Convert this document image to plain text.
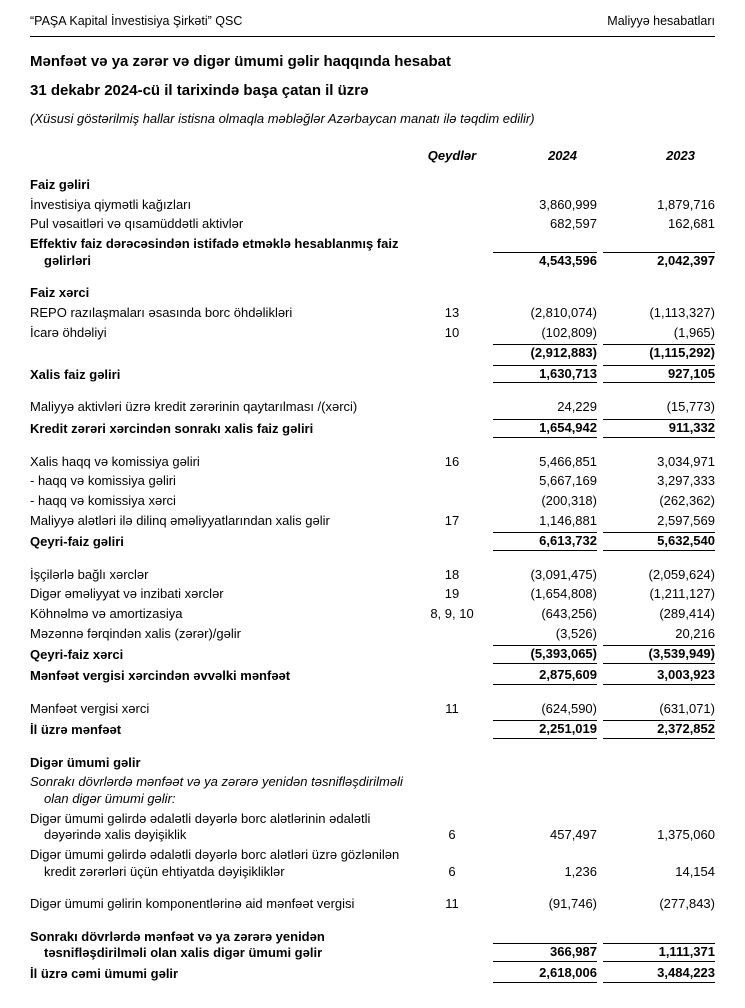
“PAŞA Kapital İnvestisiya Şirkəti” QSC	Maliyyə hesabatları
Mənfəət və ya zərər və digər ümumi gəlir haqqında hesabat
31 dekabr 2024-cü il tarixində başa çatan il üzrə
(Xüsusi göstərilmiş hallar istisna olmaqla məbləğlər Azərbaycan manatı ilə təqdim edilir)
Qeydlər	2024	2023
Faiz gəliri
İnvestisiya qiymətli kağızları	3,860,999	1,879,716
Pul vəsaitləri və qısamüddətli aktivlər	682,597	162,681
Effektiv faiz dərəcəsindən istifadə etməklə hesablanmış faiz gəlirləri	4,543,596	2,042,397
Faiz xərci
REPO razılaşmaları əsasında borc öhdəlikləri	13	(2,810,074)	(1,113,327)
İcarə öhdəliyi	10	(102,809)	(1,965)
(2,912,883)	(1,115,292)
Xalis faiz gəliri	1,630,713	927,105
Maliyyə aktivləri üzrə kredit zərərinin qaytarılması /(xərci)	24,229	(15,773)
Kredit zərəri xərcindən sonrakı xalis faiz gəliri	1,654,942	911,332
Xalis haqq və komissiya gəliri	16	5,466,851	3,034,971
- haqq və komissiya gəliri	5,667,169	3,297,333
- haqq və komissiya xərci	(200,318)	(262,362)
Maliyyə alətləri ilə dilinq əməliyyatlarından xalis gəlir	17	1,146,881	2,597,569
Qeyri-faiz gəliri	6,613,732	5,632,540
İşçilərlə bağlı xərclər	18	(3,091,475)	(2,059,624)
Digər əməliyyat və inzibati xərclər	19	(1,654,808)	(1,211,127)
Köhnəlmə və amortizasiya	8, 9, 10	(643,256)	(289,414)
Məzənnə fərqindən xalis (zərər)/gəlir	(3,526)	20,216
Qeyri-faiz xərci	(5,393,065)	(3,539,949)
Mənfəət vergisi xərcindən əvvəlki mənfəət	2,875,609	3,003,923
Mənfəət vergisi xərci	11	(624,590)	(631,071)
İl üzrə mənfəət	2,251,019	2,372,852
Digər ümumi gəlir
Sonrakı dövrlərdə mənfəət və ya zərərə yenidən təsnifləşdirilməli olan digər ümumi gəlir:
Digər ümumi gəlirdə ədalətli dəyərlə borc alətlərinin ədalətli dəyərində xalis dəyişiklik	6	457,497	1,375,060
Digər ümumi gəlirdə ədalətli dəyərlə borc alətləri üzrə gözlənilən kredit zərərləri üçün ehtiyatda dəyişikliklər	6	1,236	14,154
Digər ümumi gəlirin komponentlərinə aid mənfəət vergisi	11	(91,746)	(277,843)
Sonrakı dövrlərdə mənfəət və ya zərərə yenidən təsnifləşdirilməli olan xalis digər ümumi gəlir	366,987	1,111,371
İl üzrə cəmi ümumi gəlir	2,618,006	3,484,223
